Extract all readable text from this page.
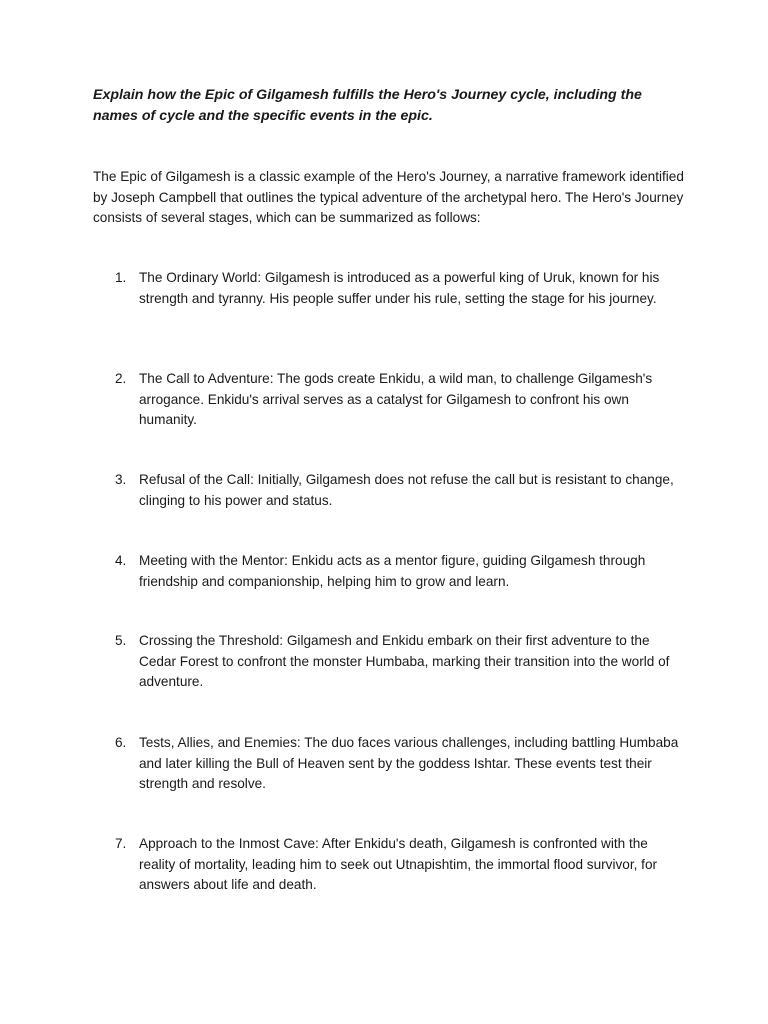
Explain how the Epic of Gilgamesh fulfills the Hero's Journey cycle, including the names of cycle and the specific events in the epic.

The Epic of Gilgamesh is a classic example of the Hero's Journey, a narrative framework identified by Joseph Campbell that outlines the typical adventure of the archetypal hero. The Hero's Journey consists of several stages, which can be summarized as follows:

1. The Ordinary World: Gilgamesh is introduced as a powerful king of Uruk, known for his strength and tyranny. His people suffer under his rule, setting the stage for his journey.
2. The Call to Adventure: The gods create Enkidu, a wild man, to challenge Gilgamesh's arrogance. Enkidu's arrival serves as a catalyst for Gilgamesh to confront his own humanity.
3. Refusal of the Call: Initially, Gilgamesh does not refuse the call but is resistant to change, clinging to his power and status.
4. Meeting with the Mentor: Enkidu acts as a mentor figure, guiding Gilgamesh through friendship and companionship, helping him to grow and learn.
5. Crossing the Threshold: Gilgamesh and Enkidu embark on their first adventure to the Cedar Forest to confront the monster Humbaba, marking their transition into the world of adventure.
6. Tests, Allies, and Enemies: The duo faces various challenges, including battling Humbaba and later killing the Bull of Heaven sent by the goddess Ishtar. These events test their strength and resolve.
7. Approach to the Inmost Cave: After Enkidu's death, Gilgamesh is confronted with the reality of mortality, leading him to seek out Utnapishtim, the immortal flood survivor, for answers about life and death.
